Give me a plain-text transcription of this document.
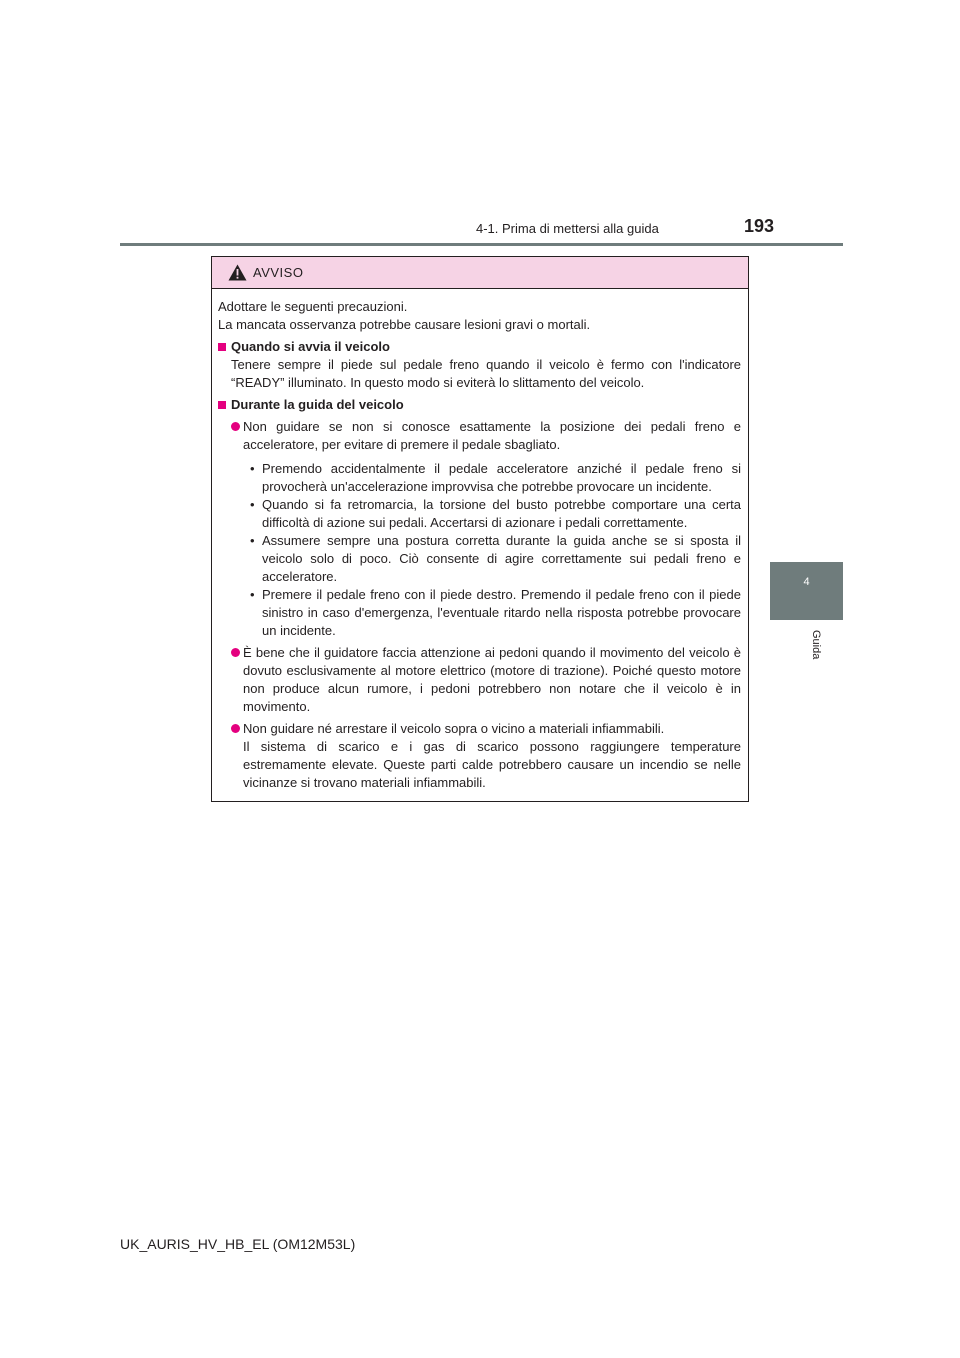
193
4-1. Prima di mettersi alla guida
4
Guida
AVVISO

Adottare le seguenti precauzioni.

La mancata osservanza potrebbe causare lesioni gravi o mortali.

Quando si avvia il veicolo

Tenere sempre il piede sul pedale freno quando il veicolo è fermo con l'indicatore “READY” illuminato. In questo modo si eviterà lo slittamento del veicolo.

Durante la guida del veicolo

Non guidare se non si conosce esattamente la posizione dei pedali freno e acceleratore, per evitare di premere il pedale sbagliato.

• Premendo accidentalmente il pedale acceleratore anziché il pedale freno si provocherà un'accelerazione improvvisa che potrebbe provocare un incidente.

• Quando si fa retromarcia, la torsione del busto potrebbe comportare una certa difficoltà di azione sui pedali. Accertarsi di azionare i pedali correttamente.

• Assumere sempre una postura corretta durante la guida anche se si sposta il veicolo solo di poco. Ciò consente di agire correttamente sui pedali freno e acceleratore.

• Premere il pedale freno con il piede destro. Premendo il pedale freno con il piede sinistro in caso d'emergenza, l'eventuale ritardo nella risposta potrebbe provocare un incidente.

È bene che il guidatore faccia attenzione ai pedoni quando il movimento del veicolo è dovuto esclusivamente al motore elettrico (motore di trazione). Poiché questo motore non produce alcun rumore, i pedoni potrebbero non notare che il veicolo è in movimento.

Non guidare né arrestare il veicolo sopra o vicino a materiali infiammabili.

Il sistema di scarico e i gas di scarico possono raggiungere temperature estremamente elevate. Queste parti calde potrebbero causare un incendio se nelle vicinanze si trovano materiali infiammabili.

UK_AURIS_HV_HB_EL (OM12M53L)
